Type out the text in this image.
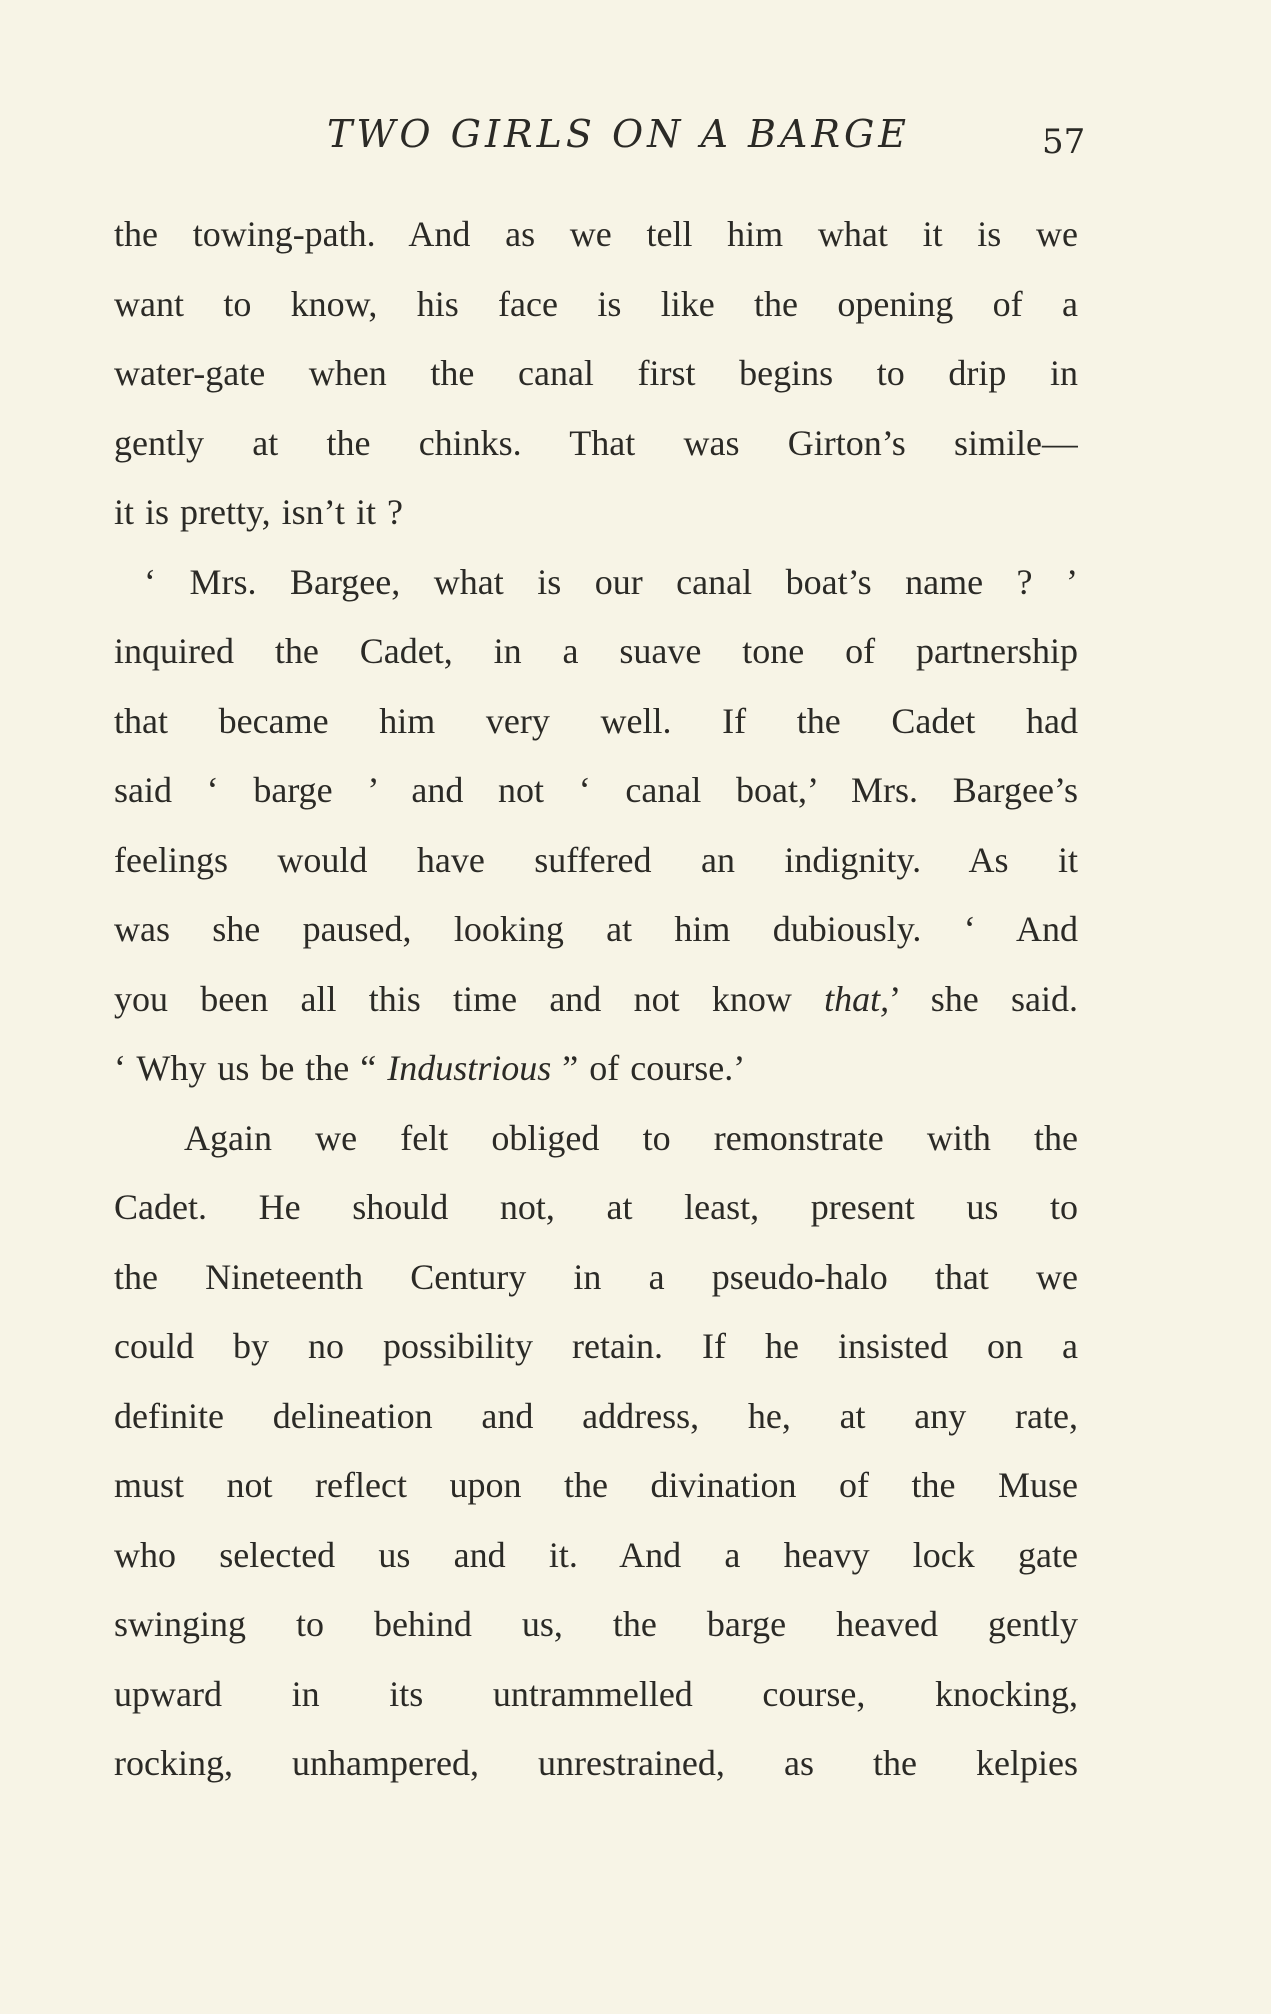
TWO GIRLS ON A BARGE	57
the towing-path. And as we tell him what it is we
want to know, his face is like the opening of a
water-gate when the canal first begins to drip in
gently at the chinks. That was Girton’s simile—
it is pretty, isn’t it ?
‘ Mrs. Bargee, what is our canal boat’s name ? ’
inquired the Cadet, in a suave tone of partnership
that became him very well. If the Cadet had
said ‘ barge ’ and not ‘ canal boat,’ Mrs. Bargee’s
feelings would have suffered an indignity. As it
was she paused, looking at him dubiously. ‘ And
you been all this time and not know that,’ she said.
‘ Why us be the “ Industrious ” of course.’
Again we felt obliged to remonstrate with the
Cadet. He should not, at least, present us to
the Nineteenth Century in a pseudo-halo that we
could by no possibility retain. If he insisted on a
definite delineation and address, he, at any rate,
must not reflect upon the divination of the Muse
who selected us and it. And a heavy lock gate
swinging to behind us, the barge heaved gently
upward in its untrammelled course, knocking,
rocking, unhampered, unrestrained, as the kelpies
